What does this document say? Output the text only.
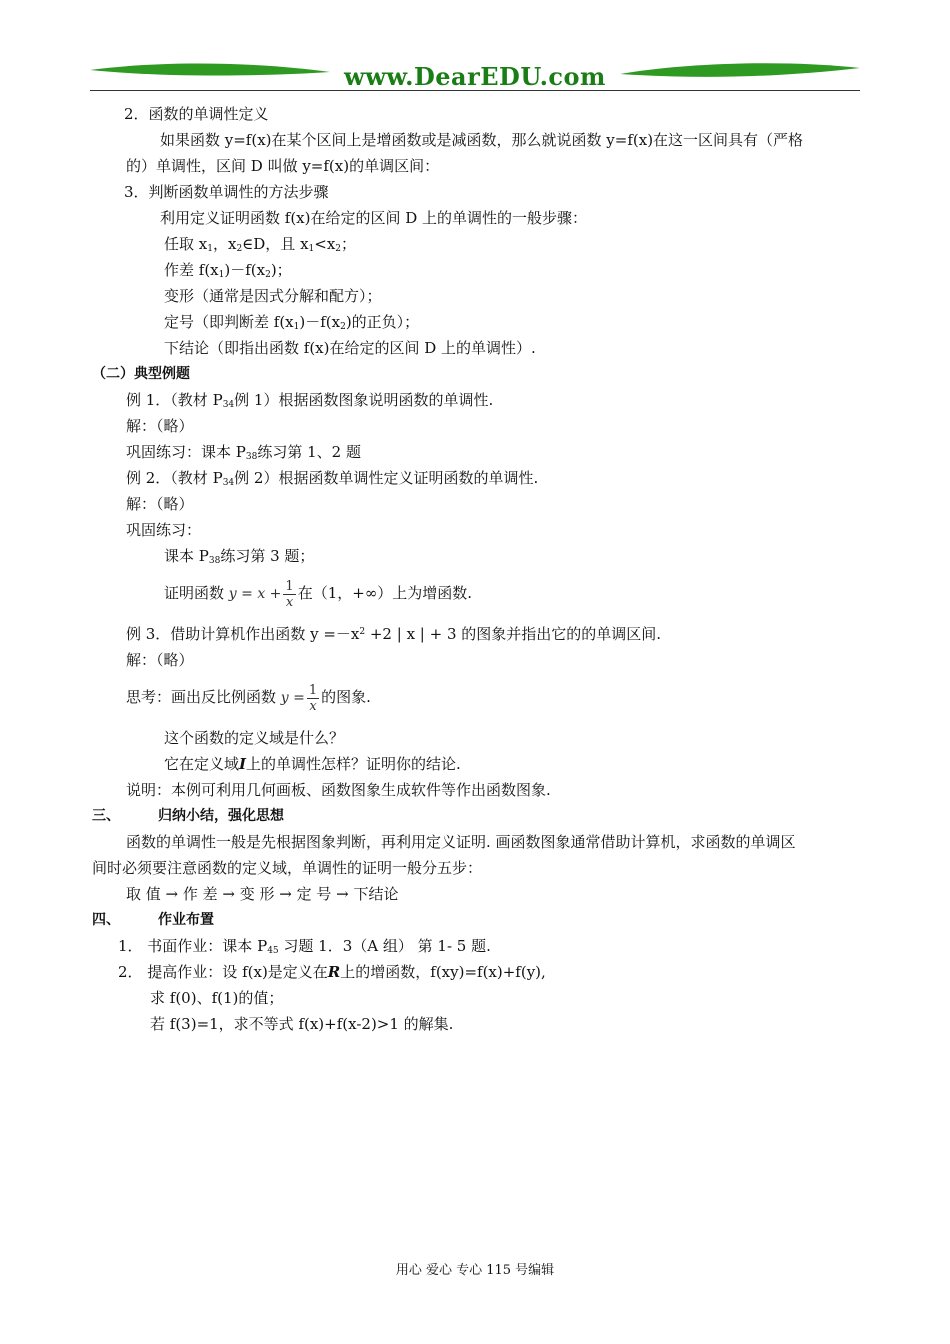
www.DearEDU.com
2．函数的单调性定义
如果函数 y=f(x)在某个区间上是增函数或是减函数，那么就说函数 y=f(x)在这一区间具有（严格
的）单调性，区间 D 叫做 y=f(x)的单调区间：
3．判断函数单调性的方法步骤
利用定义证明函数 f(x)在给定的区间 D 上的单调性的一般步骤：
任取 $x_1$，$x_2\in D$，且 $x_1<x_2$；
作差 $f(x_1)-f(x_2)$；
变形（通常是因式分解和配方）；
定号（即判断差 $f(x_1)-f(x_2)$的正负）；
下结论（即指出函数 f(x)在给定的区间 D 上的单调性）.
（二）典型例题
例 1．（教材 $P_{34}$例 1）根据函数图象说明函数的单调性.
解：（略）
巩固练习：课本 $P_{38}$练习第 1、2 题
例 2．（教材 $P_{34}$例 2）根据函数单调性定义证明函数的单调性.
解：（略）
巩固练习：
课本 $P_{38}$练习第 3 题；
证明函数 $y = x + \frac{1}{x}$ 在（1，+∞）上为增函数.
例 3．借助计算机作出函数 $y =-x^2 +2$ | x | + 3 的图象并指出它的的单调区间.
解：（略）
思考：画出反比例函数 $y = \frac{1}{x}$ 的图象.
这个函数的定义域是什么？
它在定义域I上的单调性怎样？证明你的结论.
说明：本例可利用几何画板、函数图象生成软件等作出函数图象.
三、	归纳小结，强化思想
函数的单调性一般是先根据图象判断，再利用定义证明. 画函数图象通常借助计算机，求函数的单调区
间时必须要注意函数的定义域，单调性的证明一般分五步：
取 值 → 作 差 → 变 形 → 定 号 → 下结论
四、	作业布置
1． 书面作业：课本 $P_{45}$ 习题 1．3（A 组） 第 1- 5 题.
2． 提高作业：设 f(x)是定义在R上的增函数，f(xy)=f(x)+f(y),
求 f(0)、f(1)的值；
若 f(3)=1，求不等式 f(x)+f(x-2)>1 的解集.
用心 爱心 专心 115 号编辑
